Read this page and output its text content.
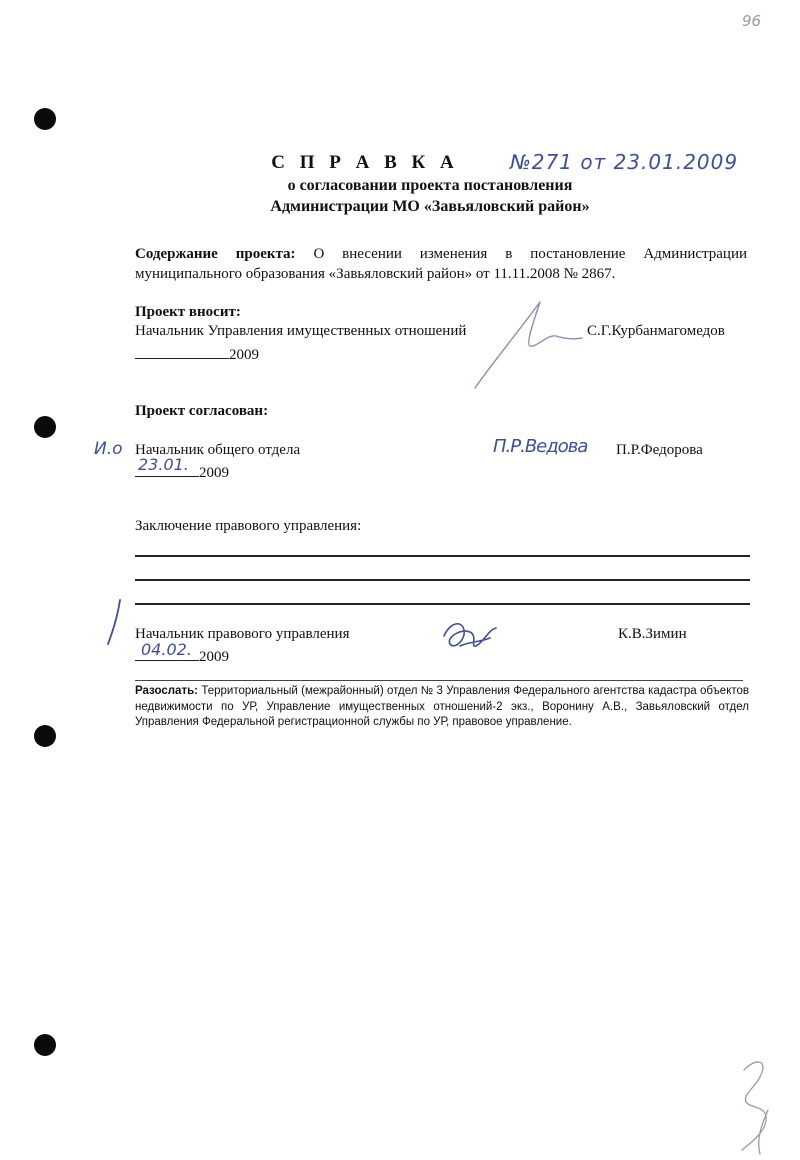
96
С П Р А В К А
о согласовании проекта постановления
Администрации МО «Завьяловский район»
№271 от 23.01.2009
Содержание проекта: О внесении изменения в постановление Администрации муниципального образования «Завьяловский район» от 11.11.2008 № 2867.
Проект вносит:
Начальник Управления имущественных отношений	С.Г.Курбанмагомедов
2009
Проект согласован:
И.о Начальник общего отдела
2009
23.01.
П.Р.Ведова П.Р.Федорова
Заключение правового управления:
Начальник правового управления
2009
04.02.
К.В.Зимин
Разослать: Территориальный (межрайонный) отдел № 3 Управления Федерального агентства кадастра объектов недвижимости по УР, Управление имущественных отношений-2 экз., Воронину А.В., Завьяловский отдел Управления Федеральной регистрационной службы по УР, правовое управление.
